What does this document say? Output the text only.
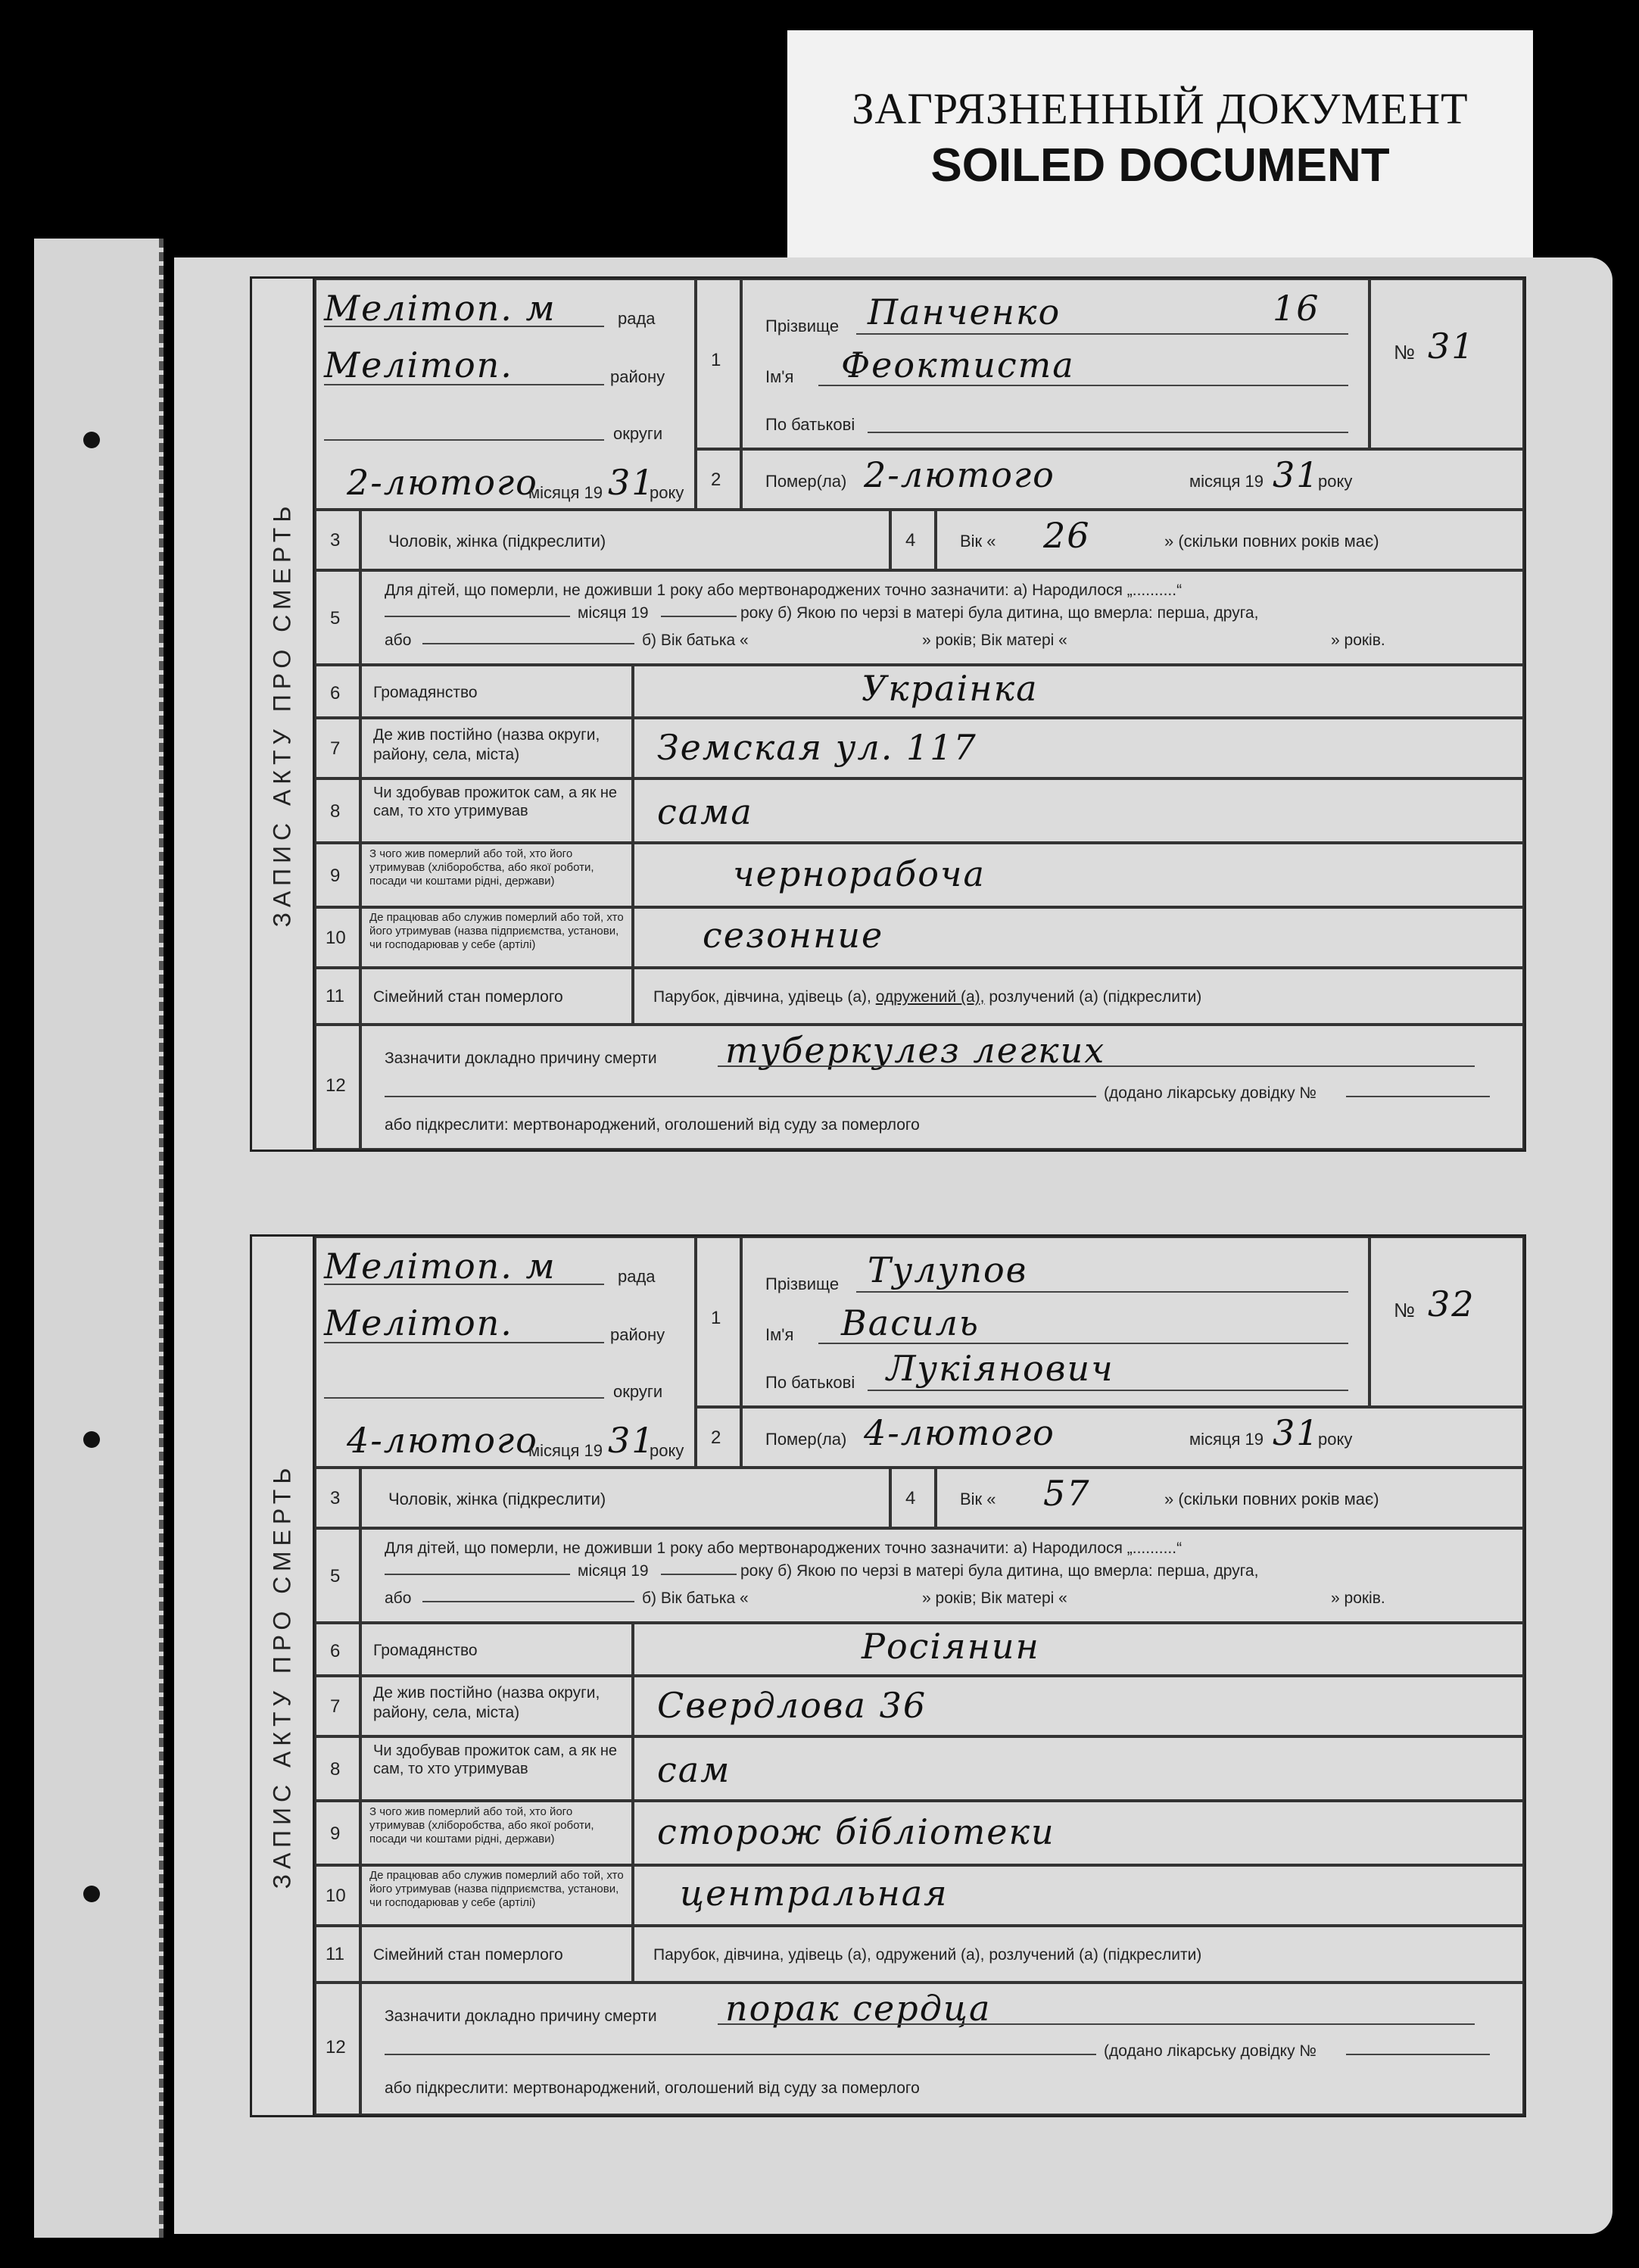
ЗАГРЯЗНЕННЫЙ ДОКУМЕНТ
SOILED DOCUMENT
ЗАПИС АКТУ ПРО СМЕРТЬ
Мелітоп. м	рада
Мелітоп.	району
округи
2-лютого
місяця 19 31
року
1
2
Прізвище Панченко	16
Ім'я Феоктиста
По батькові
№ 31
Помер(ла) 2-лютого	місяця 19 31
року
3	Чоловік, жінка (підкреслити)	4	Вік « 26	» (скільки повних років має)
5
Для дітей, що померли, не доживши 1 року або мертвонароджених точно зазначити: а) Народилося „..........“
місяця 19	року б) Якою по черзі в матері була дитина, що вмерла: перша, друга,
або	б) Вік батька «	» років; Вік матері «	» років.
6 Громадянство	Украінка
7
Де жив постійно (назва округи, району, села, міста)	Земская ул. 117
8
Чи здобував прожиток сам, а як не сам, то хто утримував	сама
9
З чого жив померлий або той, хто його утримував (хліборобства, або якої роботи, посади чи коштами рідні, держави)	чернорабоча
10
Де працював або служив померлий або той, хто його утримував (назва підприємства, установи, чи господарював у себе (артілі)	сезонние
11 Сімейний стан померлого	Парубок, дівчина, удівець (а), одружений (а), розлучений (а) (підкреслити)
12
Зазначити докладно причину смерти туберкулез легких
(додано лікарську довідку №
або підкреслити: мертвонароджений, оголошений від суду за померлого
ЗАПИС АКТУ ПРО СМЕРТЬ
Мелітоп. м	рада
Мелітоп.	району
округи
4-лютого
місяця 19 31
року
1
2
Прізвище Тулупов
Ім'я Василь
По батькові Лукіянович
№ 32
Помер(ла) 4-лютого	місяця 19 31
року
3	Чоловік, жінка (підкреслити)	4	Вік « 57	» (скільки повних років має)
5
Для дітей, що померли, не доживши 1 року або мертвонароджених точно зазначити: а) Народилося „..........“
місяця 19	року б) Якою по черзі в матері була дитина, що вмерла: перша, друга,
або	б) Вік батька «	» років; Вік матері «	» років.
6 Громадянство	Росіянин
7
Де жив постійно (назва округи, району, села, міста)	Свердлова 36
8
Чи здобував прожиток сам, а як не сам, то хто утримував	сам
9
З чого жив померлий або той, хто його утримував (хліборобства, або якої роботи, посади чи коштами рідні, держави)	сторож бібліотеки
10
Де працював або служив померлий або той, хто його утримував (назва підприємства, установи, чи господарював у себе (артілі)	центральная
11 Сімейний стан померлого	Парубок, дівчина, удівець (а), одружений (а), розлучений (а) (підкреслити)
12
Зазначити докладно причину смерти порак сердца
(додано лікарську довідку №
або підкреслити: мертвонароджений, оголошений від суду за померлого
